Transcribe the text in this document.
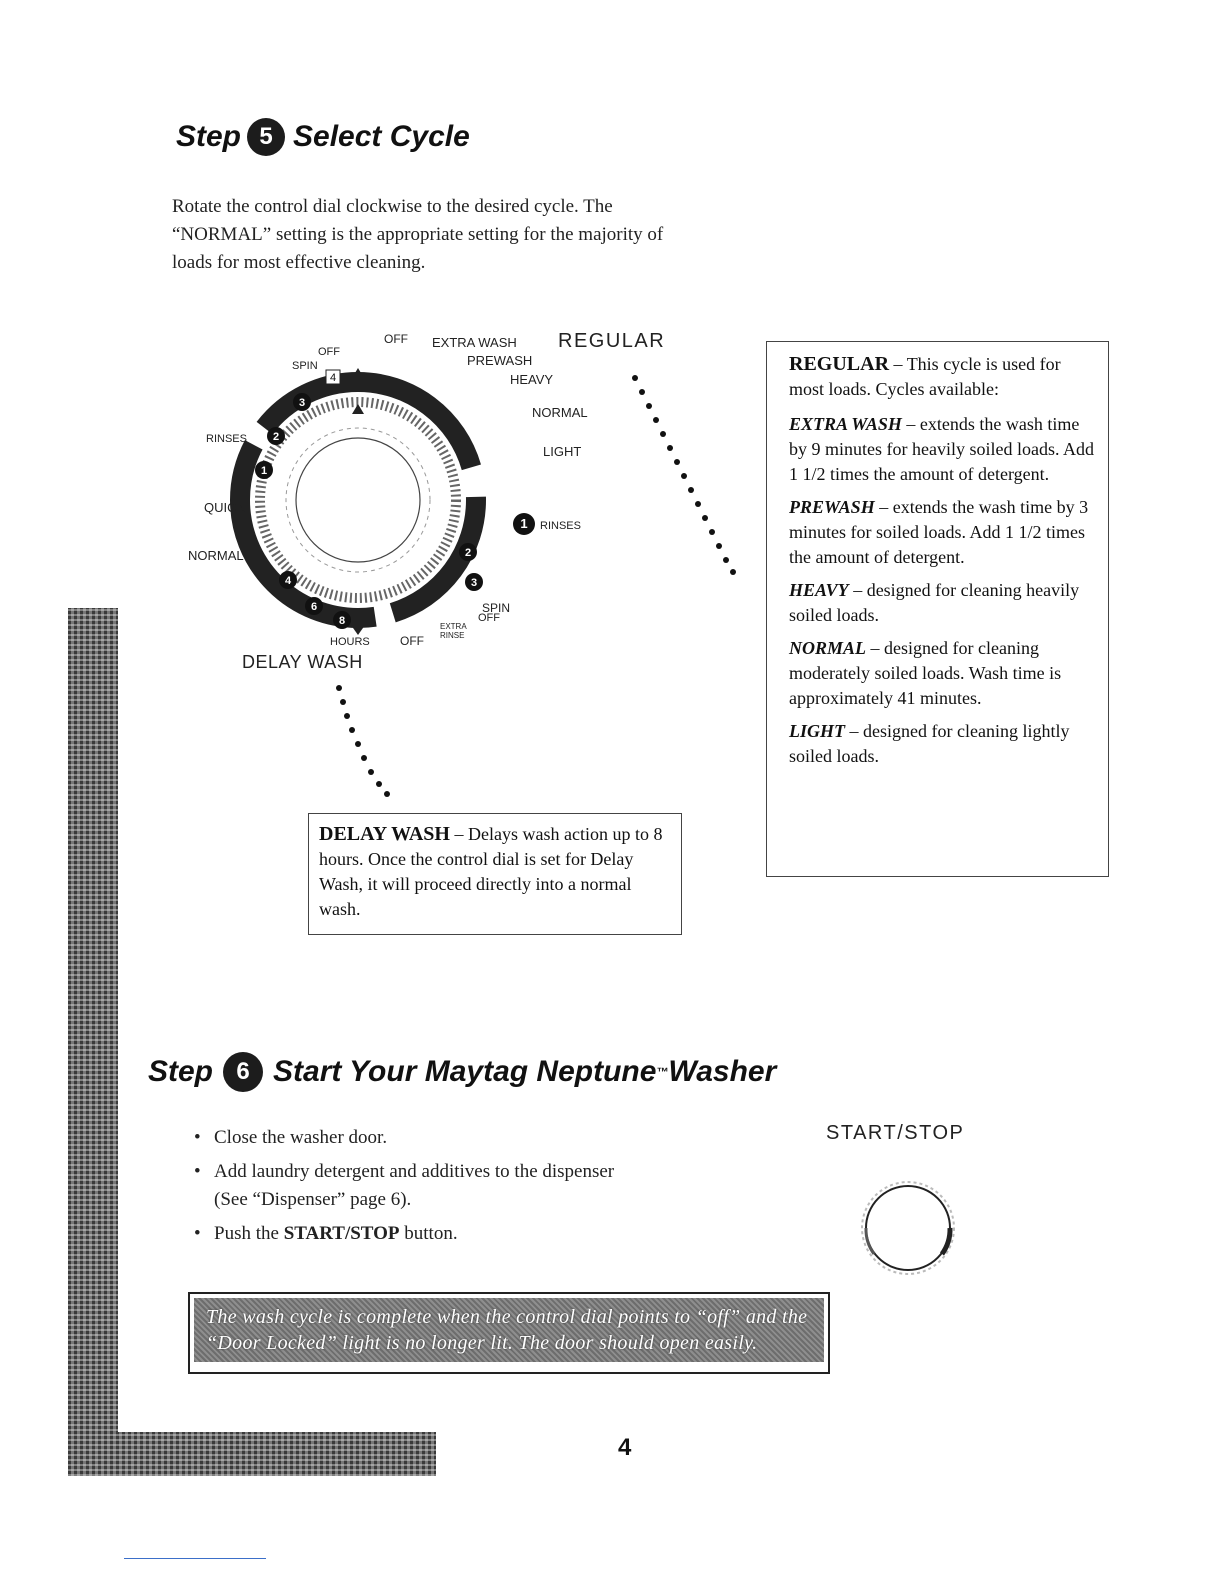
Step 5 Select Cycle
Rotate the control dial clockwise to the desired cycle. The “NORMAL” setting is the appropriate setting for the majority of loads for most effective cleaning.
3
2
1
2
3
4
6
8
4
1
OFF
OFF
SPIN
EXTRA WASH
PREWASH
HEAVY
NORMAL
LIGHT
RINSES
RINSES
QUICK
NORMAL
SPIN
OFF
EXTRA RINSE
HOURS	OFF
REGULAR
DELAY WASH

REGULAR – This cycle is used for most loads. Cycles available:

EXTRA WASH – extends the wash time by 9 minutes for heavily soiled loads. Add 1 1/2 times the amount of detergent.

PREWASH – extends the wash time by 3 minutes for soiled loads. Add 1 1/2 times the amount of detergent.

HEAVY – designed for cleaning heavily soiled loads.

NORMAL – designed for cleaning moderately soiled loads. Wash time is approximately 41 minutes.

LIGHT – designed for cleaning lightly soiled loads.

DELAY WASH – Delays wash action up to 8 hours. Once the control dial is set for Delay Wash, it will proceed directly into a normal wash.

Step 6 Start Your Maytag Neptune ™ Washer
• Close the washer door.
• Add laundry detergent and additives to the dispenser (See “Dispenser” page 6).
• Push the START/STOP button.
START/STOP
The wash cycle is complete when the control dial points to “off” and the “Door Locked” light is no longer lit. The door should open easily.
4
